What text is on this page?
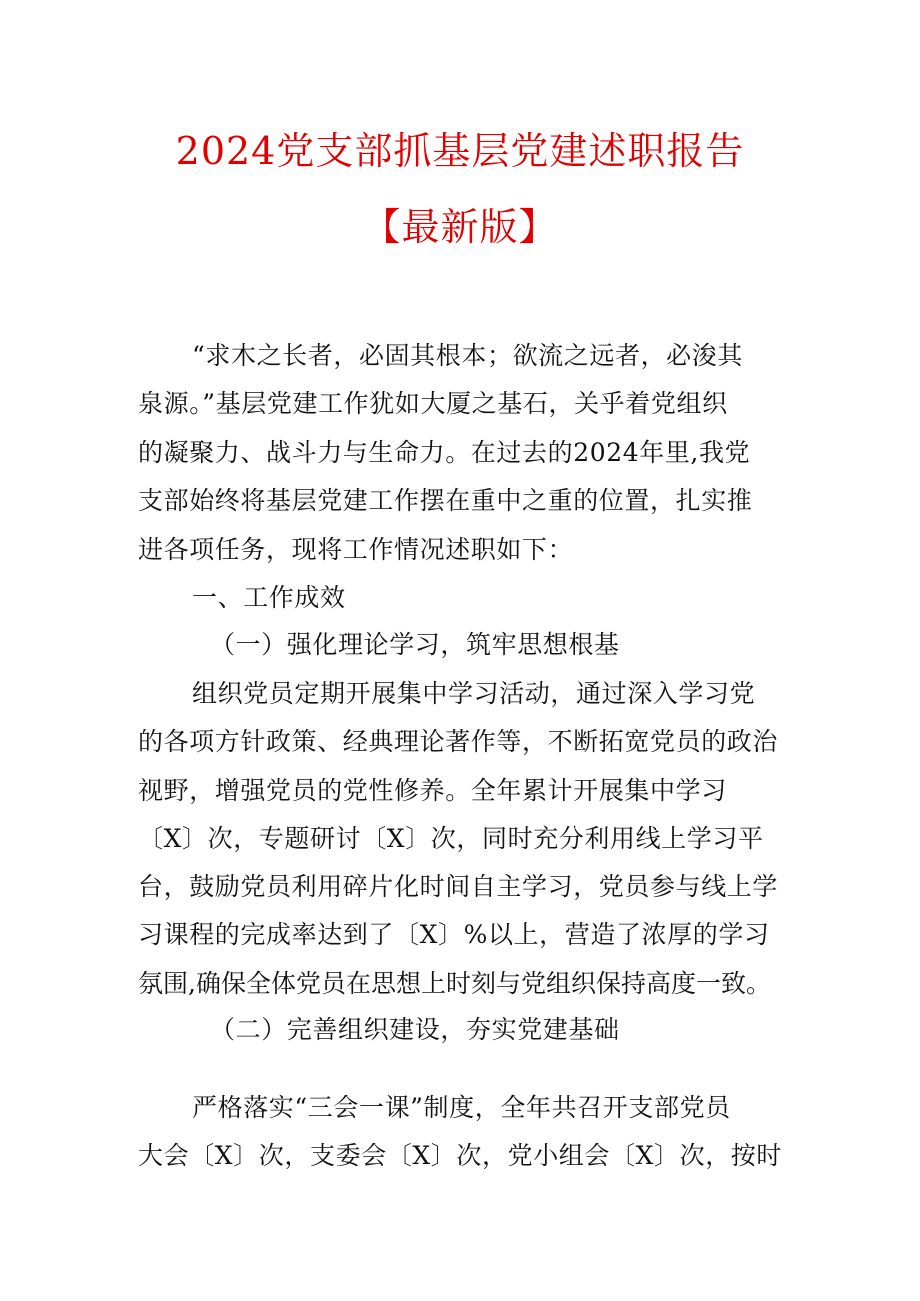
2024党支部抓基层党建述职报告
【最新版】
“求木之长者，必固其根本；欲流之远者，必浚其
泉源。”基层党建工作犹如大厦之基石，关乎着党组织
的凝聚力、战斗力与生命力。在过去的2024年里,我党
支部始终将基层党建工作摆在重中之重的位置，扎实推
进各项任务，现将工作情况述职如下：
一、工作成效
（一）强化理论学习，筑牢思想根基
组织党员定期开展集中学习活动，通过深入学习党
的各项方针政策、经典理论著作等，不断拓宽党员的政治
视野，增强党员的党性修养。全年累计开展集中学习
〔X〕次，专题研讨〔X〕次，同时充分利用线上学习平
台，鼓励党员利用碎片化时间自主学习，党员参与线上学
习课程的完成率达到了〔X〕%以上，营造了浓厚的学习
氛围,确保全体党员在思想上时刻与党组织保持高度一致。
（二）完善组织建设，夯实党建基础
严格落实“三会一课”制度，全年共召开支部党员
大会〔X〕次，支委会〔X〕次，党小组会〔X〕次，按时
